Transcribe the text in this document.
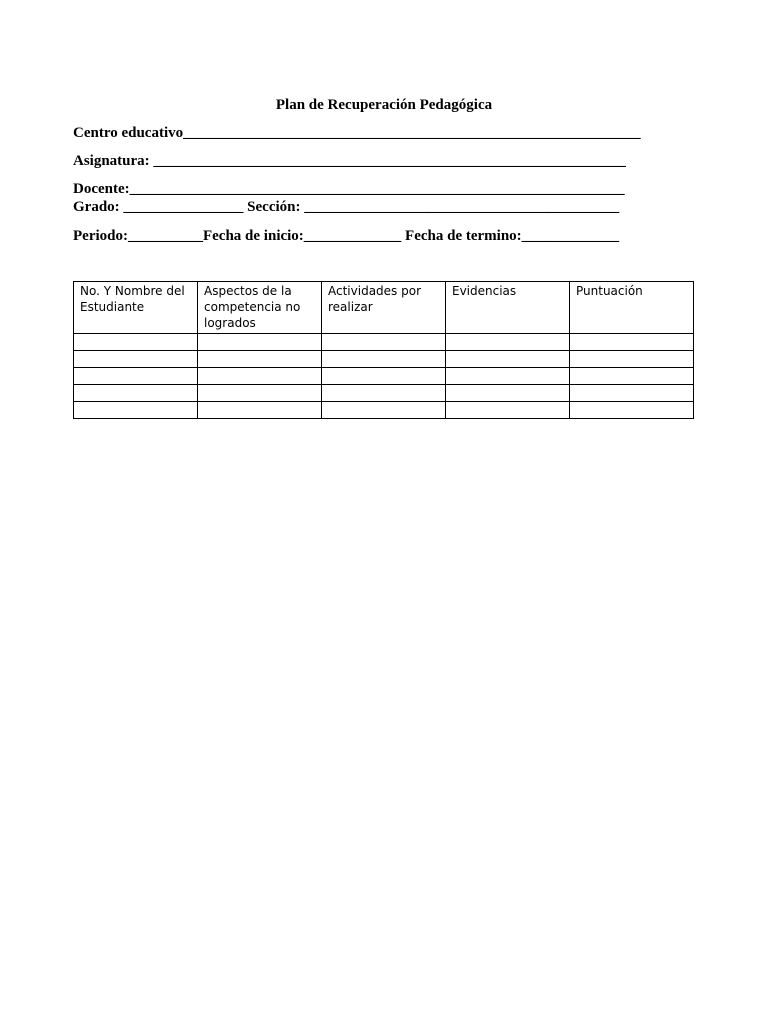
Plan de Recuperación Pedagógica
Centro educativo_____________________________________________________________
Asignatura: _______________________________________________________________
Docente:__________________________________________________________________
Grado: ________________ Sección: __________________________________________
Periodo:__________Fecha de inicio:_____________ Fecha de termino:_____________
No. Y Nombre del Estudiante	Aspectos de la competencia no logrados	Actividades por realizar	Evidencias	Puntuación
